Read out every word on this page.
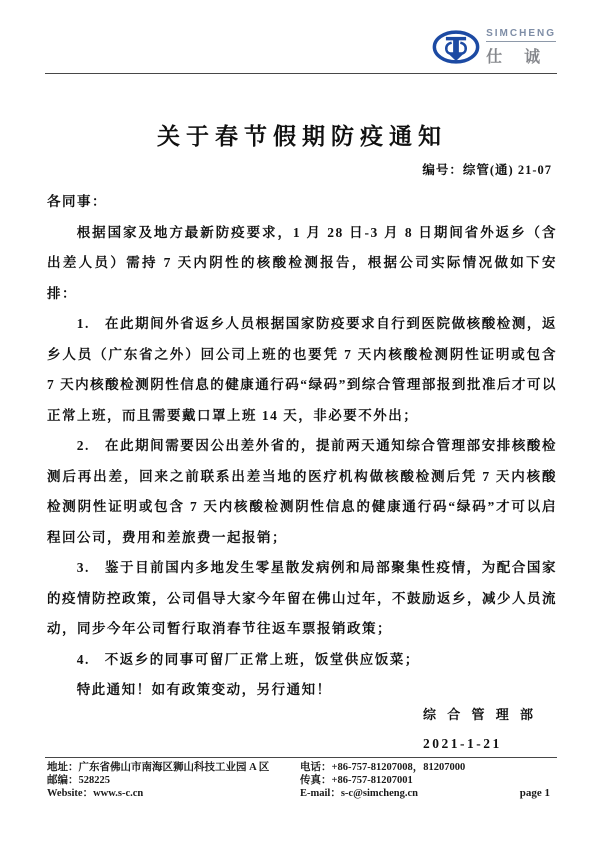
SIMCHENG
仕 诚
关于春节假期防疫通知
编号：综管(通) 21-07

各同事：

根据国家及地方最新防疫要求，1 月 28 日-3 月 8 日期间省外返乡（含出差人员）需持 7 天内阴性的核酸检测报告，根据公司实际情况做如下安排：

1.　在此期间外省返乡人员根据国家防疫要求自行到医院做核酸检测，返乡人员（广东省之外）回公司上班的也要凭 7 天内核酸检测阴性证明或包含 7 天内核酸检测阴性信息的健康通行码“绿码”到综合管理部报到批准后才可以正常上班，而且需要戴口罩上班 14 天，非必要不外出；

2.　在此期间需要因公出差外省的，提前两天通知综合管理部安排核酸检测后再出差，回来之前联系出差当地的医疗机构做核酸检测后凭 7 天内核酸检测阴性证明或包含 7 天内核酸检测阴性信息的健康通行码“绿码”才可以启程回公司，费用和差旅费一起报销；

3.　鉴于目前国内多地发生零星散发病例和局部聚集性疫情，为配合国家的疫情防控政策，公司倡导大家今年留在佛山过年，不鼓励返乡，减少人员流动，同步今年公司暂行取消春节往返车票报销政策；

4.　不返乡的同事可留厂正常上班，饭堂供应饭菜；

特此通知！如有政策变动，另行通知！

综 合 管 理 部
2021-1-21
地址：广东省佛山市南海区狮山科技工业园 A 区
邮编：528225
Website：www.s-c.cn
电话：+86-757-81207008，81207000
传真：+86-757-81207001
E-mail：s-c@simcheng.cn	page 1
